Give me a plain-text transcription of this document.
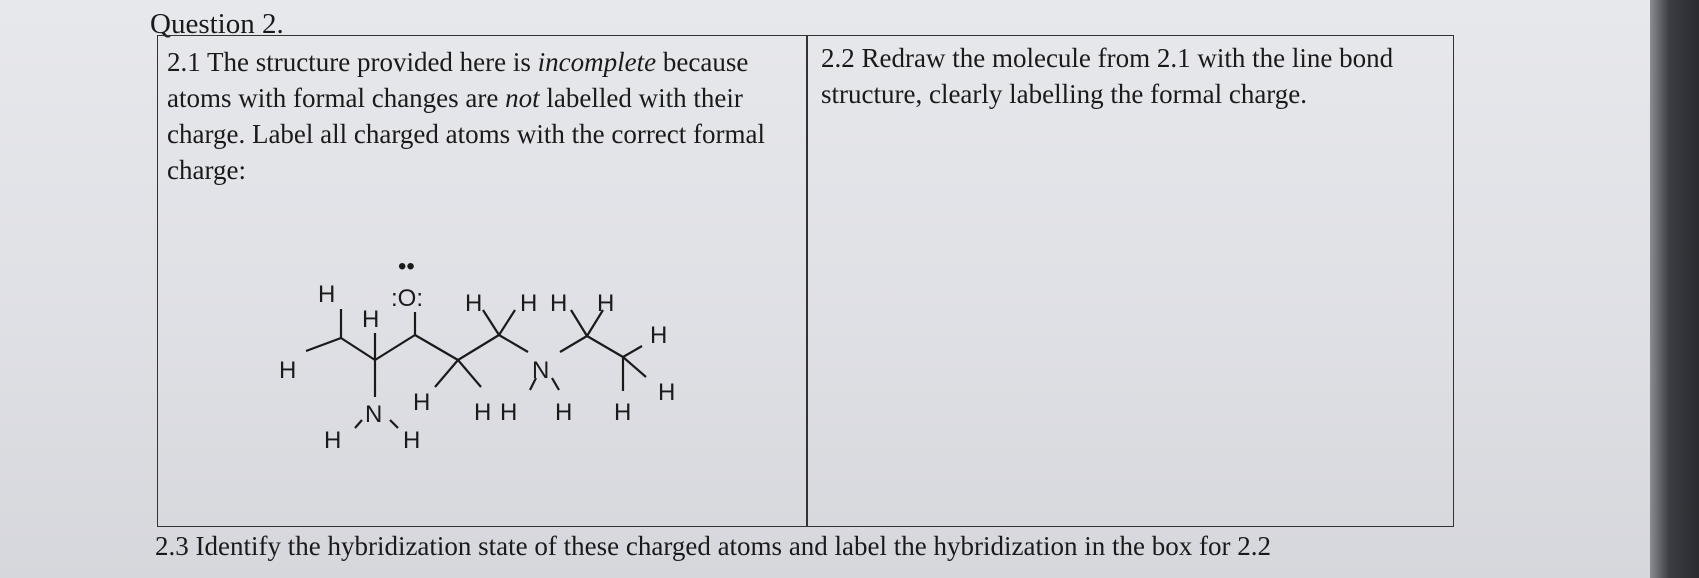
Question 2.
2.1 The structure provided here is incomplete because atoms with formal changes are not labelled with their charge. Label all charged atoms with the correct formal charge:
2.2 Redraw the molecule from 2.1 with the line bond structure, clearly labelling the formal charge.
H
H
••
:O: H H H H
H
H	N
H
H H H H H
N
H	H
2.3 Identify the hybridization state of these charged atoms and label the hybridization in the box for 2.2
